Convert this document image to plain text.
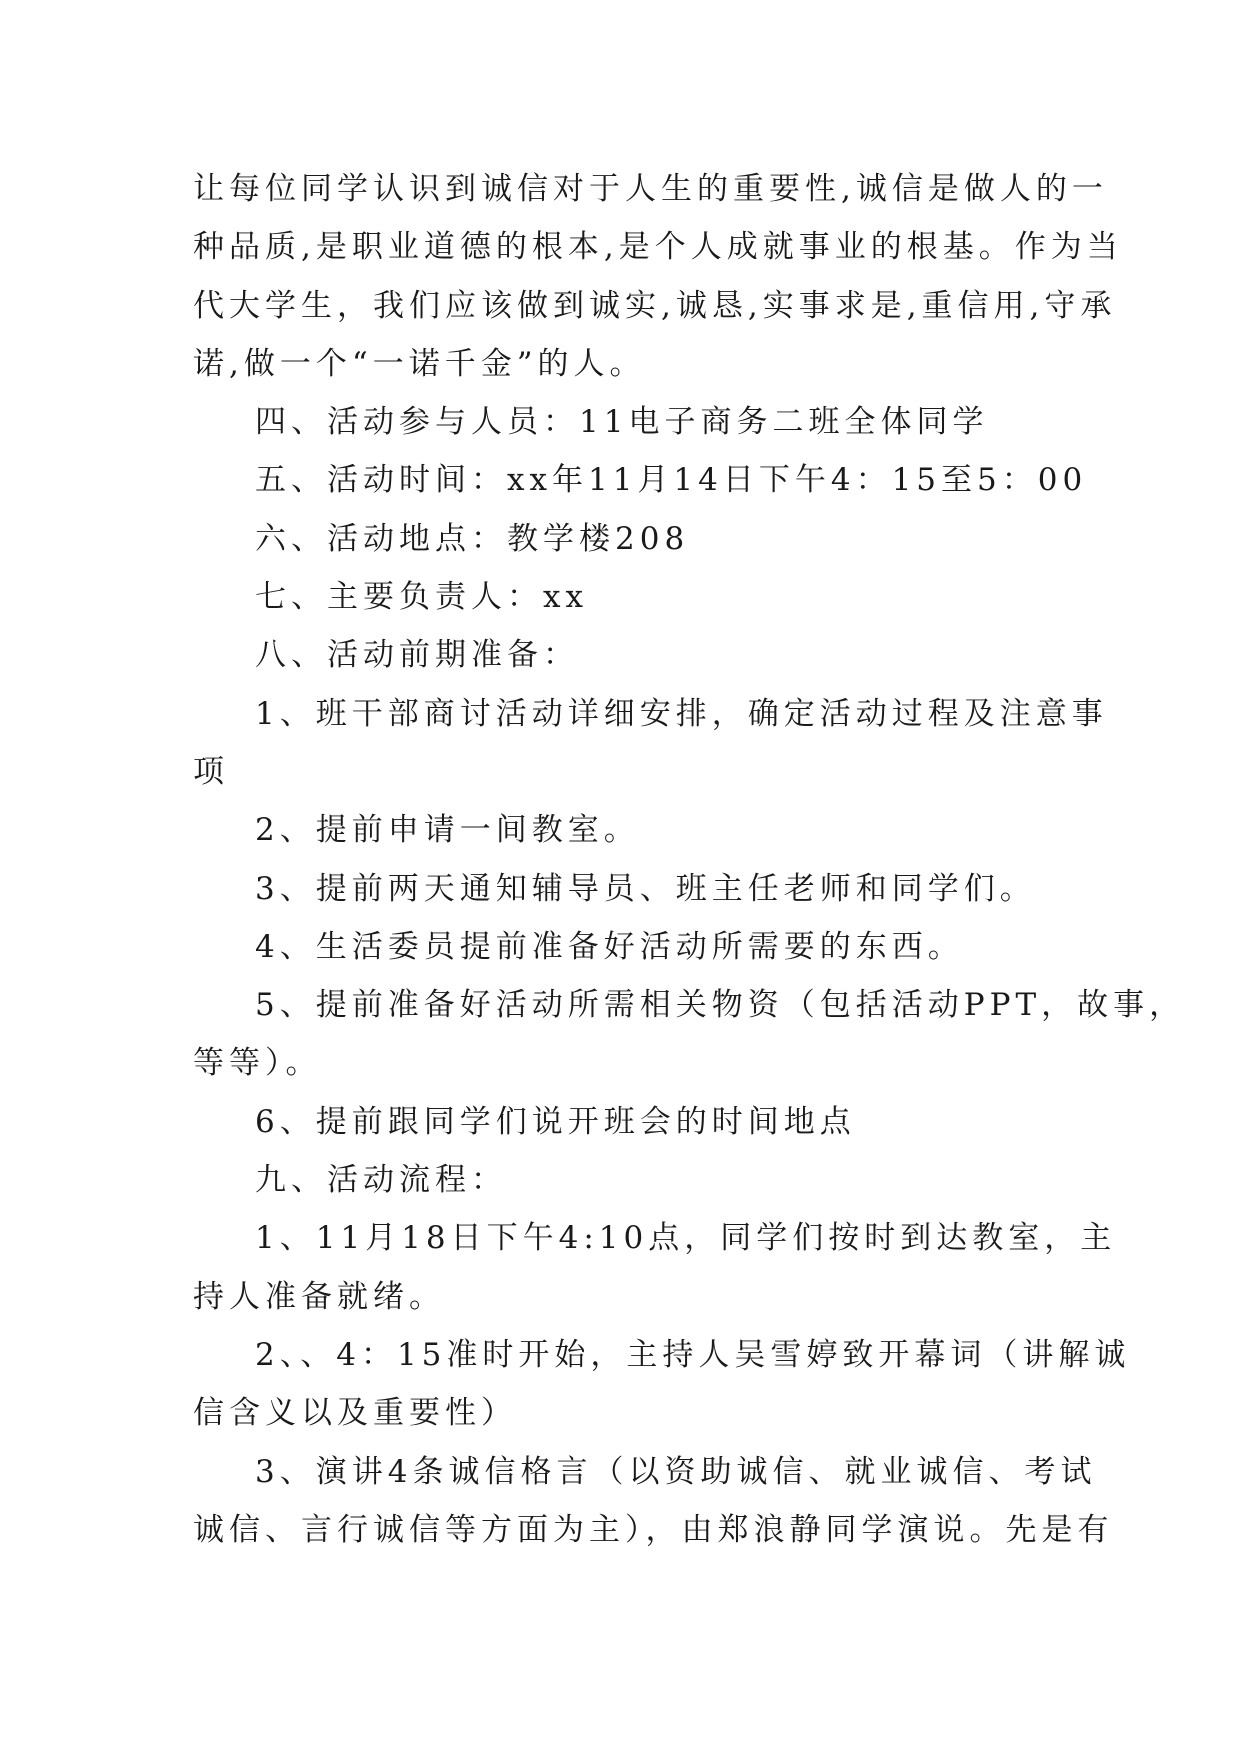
让每位同学认识到诚信对于人生的重要性,诚信是做人的一
种品质,是职业道德的根本,是个人成就事业的根基。作为当
代大学生，我们应该做到诚实,诚恳,实事求是,重信用,守承
诺,做一个“一诺千金”的人。
四、活动参与人员：11电子商务二班全体同学
五、活动时间：xx年11月14日下午4：15至5：00
六、活动地点：教学楼208
七、主要负责人：xx
八、活动前期准备：
1、班干部商讨活动详细安排，确定活动过程及注意事
项
2、提前申请一间教室。
3、提前两天通知辅导员、班主任老师和同学们。
4、生活委员提前准备好活动所需要的东西。
5、提前准备好活动所需相关物资（包括活动PPT，故事，
等等）。
6、提前跟同学们说开班会的时间地点
九、活动流程：
1、11月18日下午4:10点，同学们按时到达教室，主
持人准备就绪。
2、、4：15准时开始，主持人吴雪婷致开幕词（讲解诚
信含义以及重要性）
3、演讲4条诚信格言（以资助诚信、就业诚信、考试
诚信、言行诚信等方面为主），由郑浪静同学演说。先是有
